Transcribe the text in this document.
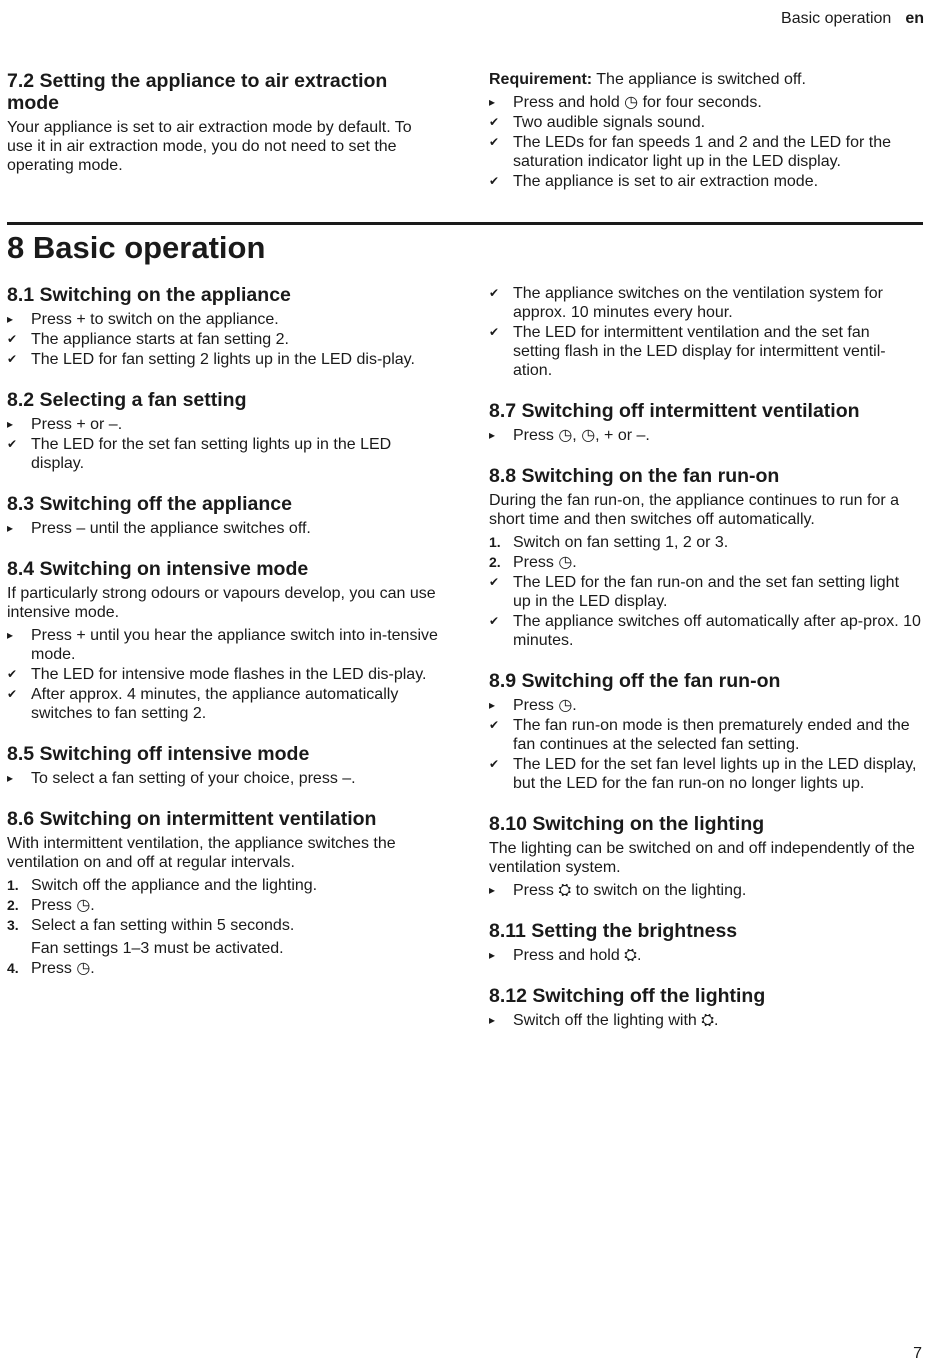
Basic operation en
7.2 Setting the appliance to air extraction mode

Your appliance is set to air extraction mode by default. To use it in air extraction mode, you do not need to set the operating mode.

Requirement: The appliance is switched off.

▸	Press and hold ◷ for four seconds.
✔ Two audible signals sound.
✔ The LEDs for fan speeds 1 and 2 and the LED for the saturation indicator light up in the LED display.
✔ The appliance is set to air extraction mode.
8 Basic operation
8.1 Switching on the appliance
▸	Press + to switch on the appliance.
✔ The appliance starts at fan setting 2.
✔ The LED for fan setting 2 lights up in the LED dis-play.
8.2 Selecting a fan setting
▸	Press + or –.
✔ The LED for the set fan setting lights up in the LED display.
8.3 Switching off the appliance
▸	Press – until the appliance switches off.
8.4 Switching on intensive mode

If particularly strong odours or vapours develop, you can use intensive mode.

▸	Press + until you hear the appliance switch into in-tensive mode.
✔ The LED for intensive mode flashes in the LED dis-play.
✔ After approx. 4 minutes, the appliance automatically switches to fan setting 2.
8.5 Switching off intensive mode
▸	To select a fan setting of your choice, press –.
8.6 Switching on intermittent ventilation

With intermittent ventilation, the appliance switches the ventilation on and off at regular intervals.

1. Switch off the appliance and the lighting.
2. Press ◷.
3. Select a fan setting within 5 seconds.
Fan settings 1–3 must be activated.
4. Press ◷.
✔ The appliance switches on the ventilation system for approx. 10 minutes every hour.
✔ The LED for intermittent ventilation and the set fan setting flash in the LED display for intermittent ventil-ation.
8.7 Switching off intermittent ventilation
▸	Press ◷, ◷, + or –.
8.8 Switching on the fan run-on

During the fan run-on, the appliance continues to run for a short time and then switches off automatically.

1. Switch on fan setting 1, 2 or 3.
2. Press ◷.
✔ The LED for the fan run-on and the set fan setting light up in the LED display.
✔ The appliance switches off automatically after ap-prox. 10 minutes.
8.9 Switching off the fan run-on
▸	Press ◷.
✔ The fan run-on mode is then prematurely ended and the fan continues at the selected fan setting.
✔ The LED for the set fan level lights up in the LED display, but the LED for the fan run-on no longer lights up.
8.10 Switching on the lighting

The lighting can be switched on and off independently of the ventilation system.

▸	Press ⛭ to switch on the lighting.
8.11 Setting the brightness
▸	Press and hold ⛭.
8.12 Switching off the lighting
▸	Switch off the lighting with ⛭.
7
